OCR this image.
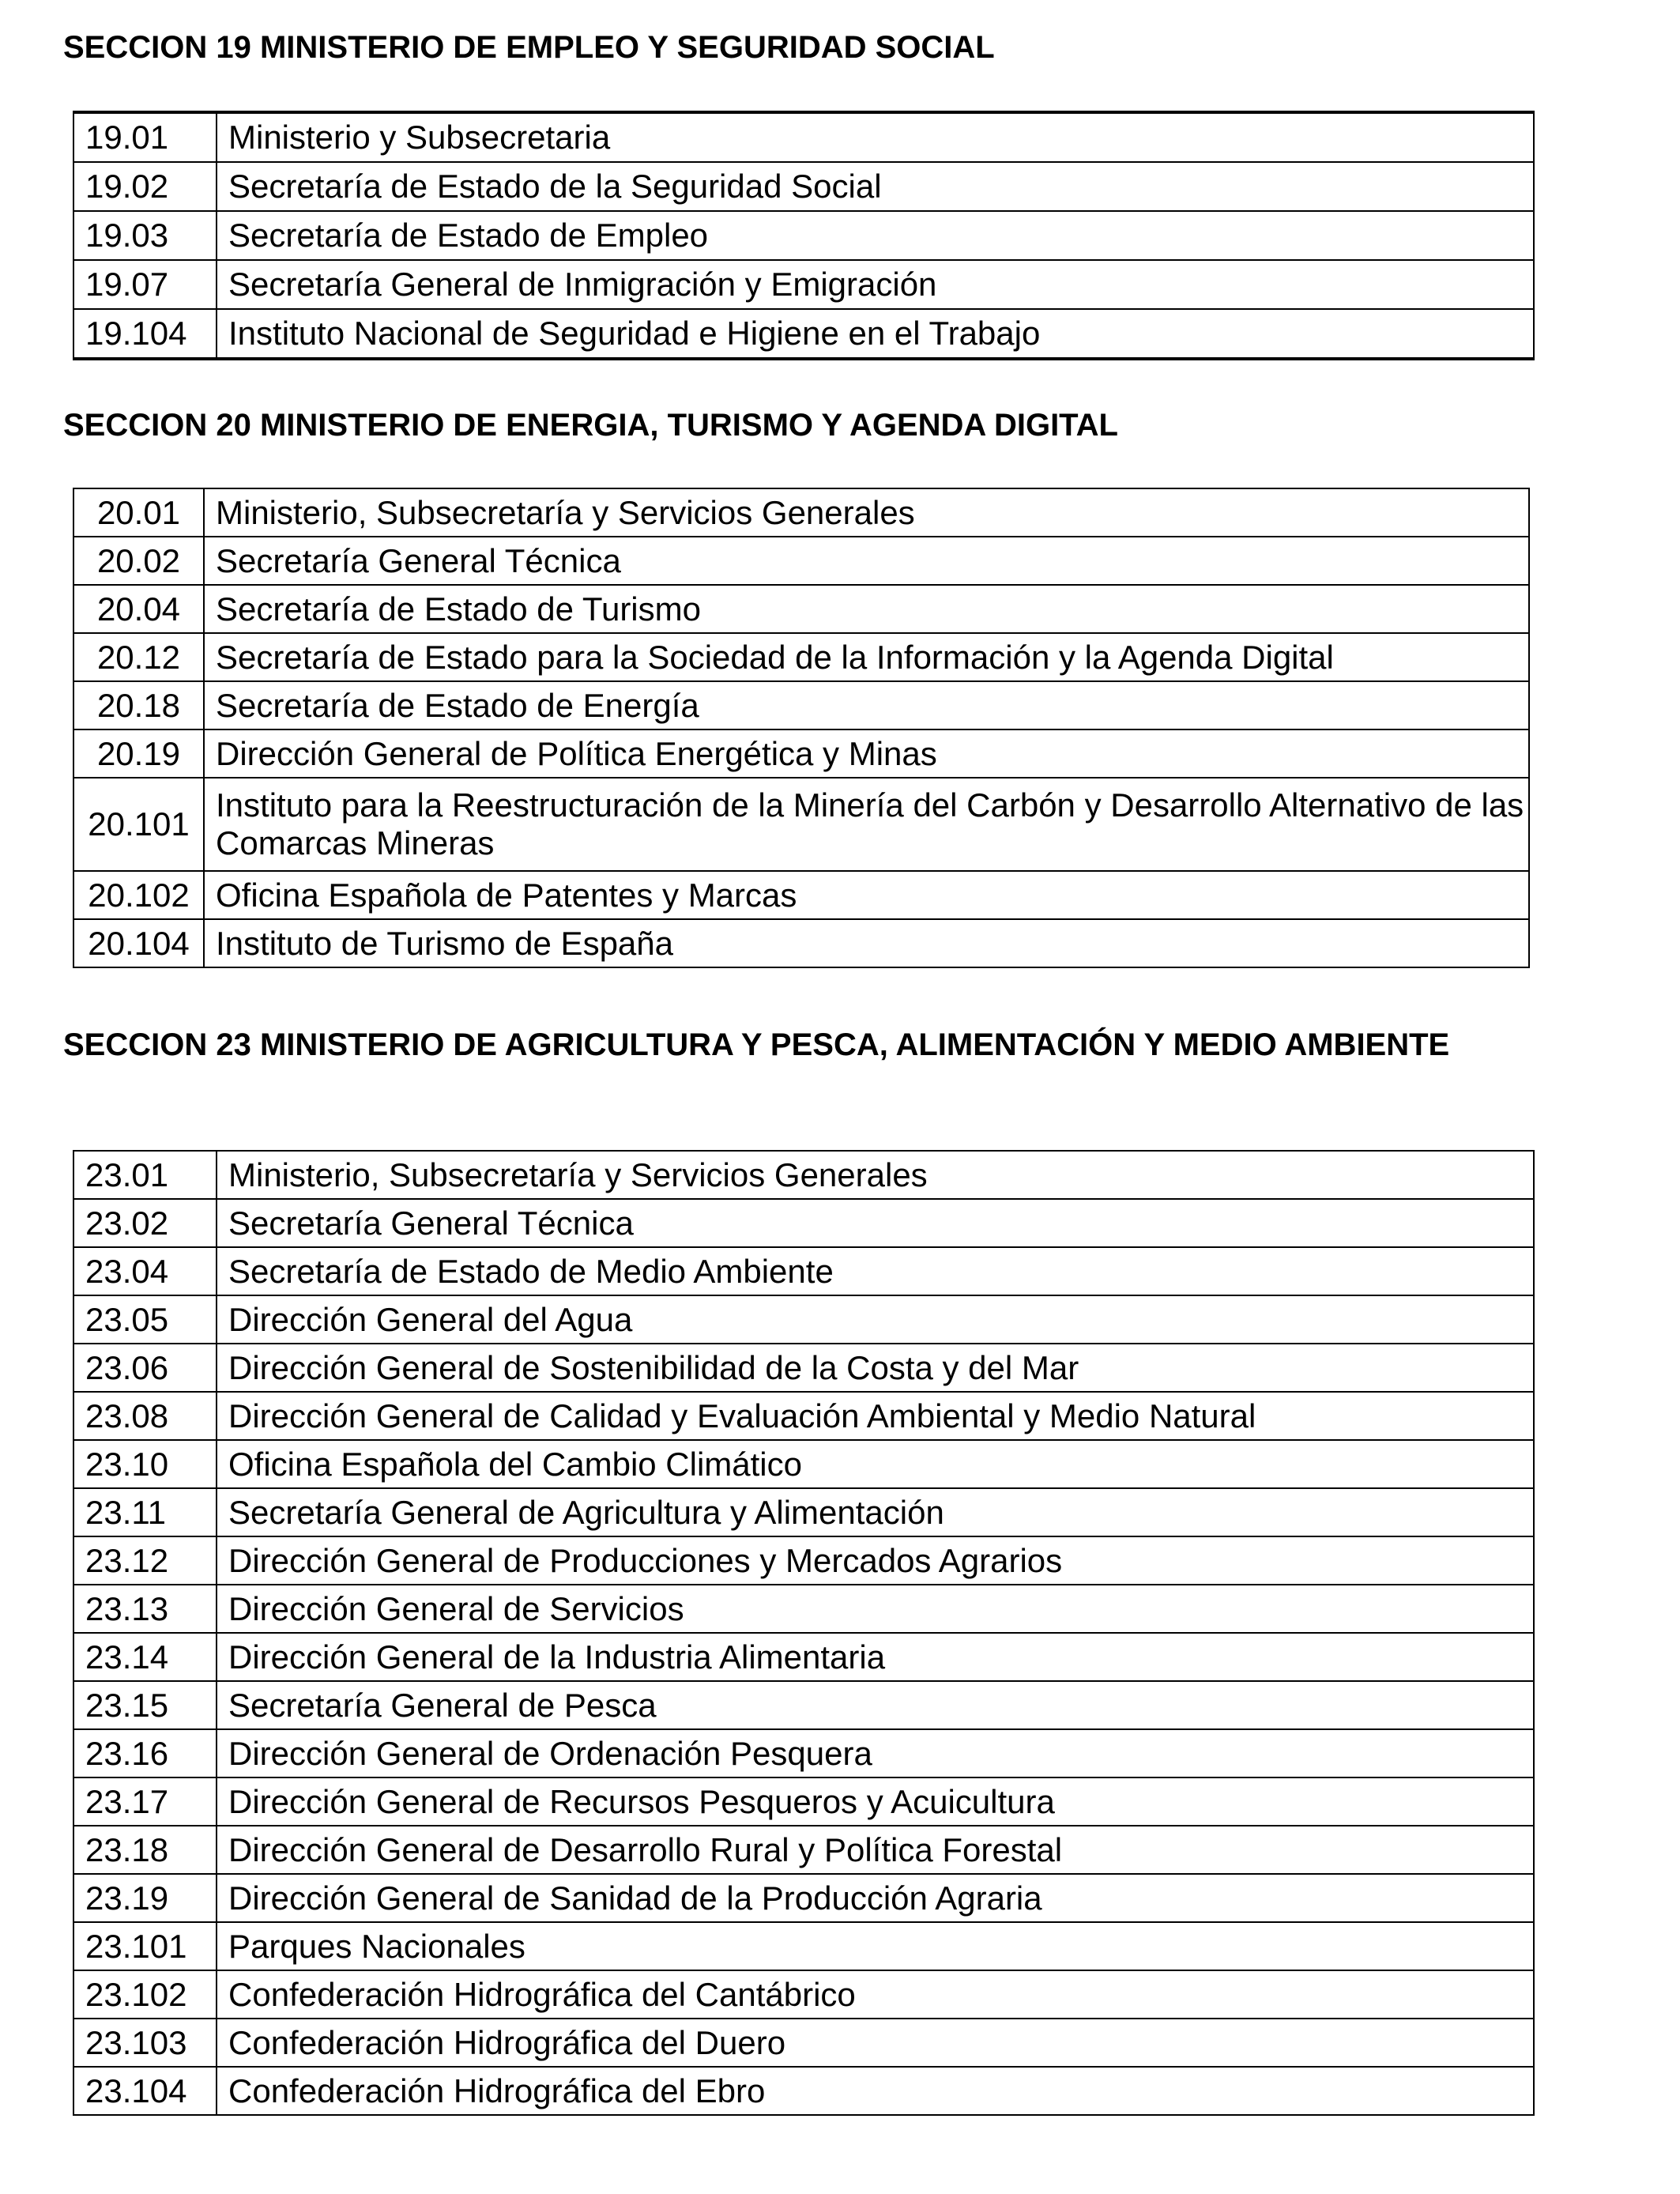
SECCION 19 MINISTERIO DE EMPLEO Y SEGURIDAD SOCIAL
19.01	Ministerio y Subsecretaria
19.02	Secretaría de Estado de la Seguridad Social
19.03	Secretaría de Estado de Empleo
19.07	Secretaría General de Inmigración y Emigración
19.104	Instituto Nacional de Seguridad e Higiene en el Trabajo
SECCION 20 MINISTERIO DE ENERGIA, TURISMO Y AGENDA DIGITAL
20.01	Ministerio, Subsecretaría y Servicios Generales
20.02	Secretaría General Técnica
20.04	Secretaría de Estado de Turismo
20.12	Secretaría de Estado para la Sociedad de la Información y la Agenda Digital
20.18	Secretaría de Estado de Energía
20.19	Dirección General de Política Energética y Minas
20.101	Instituto para la Reestructuración de la Minería del Carbón y Desarrollo Alternativo de las Comarcas Mineras
20.102	Oficina Española de Patentes y Marcas
20.104	Instituto de Turismo de España
SECCION 23 MINISTERIO DE AGRICULTURA Y PESCA, ALIMENTACIÓN Y MEDIO AMBIENTE
23.01	Ministerio, Subsecretaría y Servicios Generales
23.02	Secretaría General Técnica
23.04	Secretaría de Estado de Medio Ambiente
23.05	Dirección General del Agua
23.06	Dirección General de Sostenibilidad de la Costa y del Mar
23.08	Dirección General de Calidad y Evaluación Ambiental y Medio Natural
23.10	Oficina Española del Cambio Climático
23.11	Secretaría General de Agricultura y Alimentación
23.12	Dirección General de Producciones y Mercados Agrarios
23.13	Dirección General de Servicios
23.14	Dirección General de la Industria Alimentaria
23.15	Secretaría General de Pesca
23.16	Dirección General de Ordenación Pesquera
23.17	Dirección General de Recursos Pesqueros y Acuicultura
23.18	Dirección General de Desarrollo Rural y Política Forestal
23.19	Dirección General de Sanidad de la Producción Agraria
23.101	Parques Nacionales
23.102	Confederación Hidrográfica del Cantábrico
23.103	Confederación Hidrográfica del Duero
23.104	Confederación Hidrográfica del Ebro
